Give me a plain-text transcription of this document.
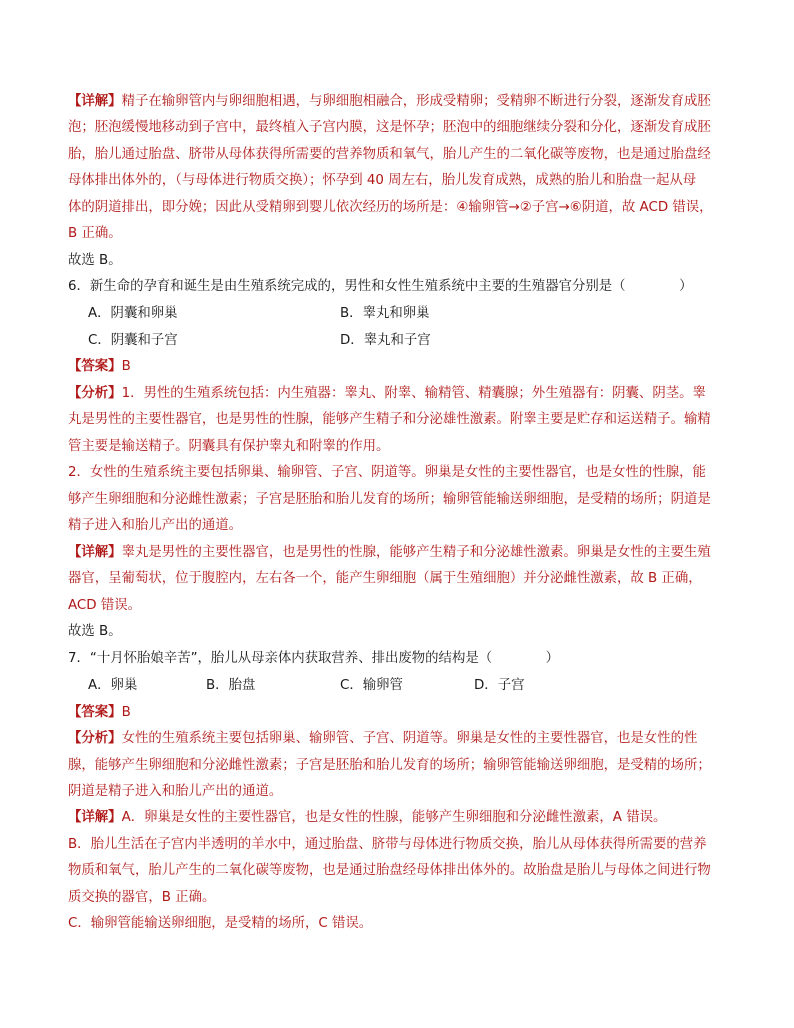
【详解】精子在输卵管内与卵细胞相遇，与卵细胞相融合，形成受精卵；受精卵不断进行分裂，逐渐发育成胚
泡；胚泡缓慢地移动到子宫中，最终植入子宫内膜，这是怀孕；胚泡中的细胞继续分裂和分化，逐渐发育成胚
胎，胎儿通过胎盘、脐带从母体获得所需要的营养物质和氧气，胎儿产生的二氧化碳等废物，也是通过胎盘经
母体排出体外的，（与母体进行物质交换）；怀孕到 40 周左右，胎儿发育成熟，成熟的胎儿和胎盘一起从母
体的阴道排出，即分娩；因此从受精卵到婴儿依次经历的场所是：④输卵管→②子宫→⑥阴道，故 ACD 错误，
B 正确。
故选 B。
6．新生命的孕育和诞生是由生殖系统完成的，男性和女性生殖系统中主要的生殖器官分别是（　　　　）
A．阴囊和卵巢	B．睾丸和卵巢
C．阴囊和子宫	D．睾丸和子宫
【答案】B
【分析】1．男性的生殖系统包括：内生殖器：睾丸、附睾、输精管、精囊腺；外生殖器有：阴囊、阴茎。睾
丸是男性的主要性器官，也是男性的性腺，能够产生精子和分泌雄性激素。附睾主要是贮存和运送精子。输精
管主要是输送精子。阴囊具有保护睾丸和附睾的作用。
2．女性的生殖系统主要包括卵巢、输卵管、子宫、阴道等。卵巢是女性的主要性器官，也是女性的性腺，能
够产生卵细胞和分泌雌性激素；子宫是胚胎和胎儿发育的场所；输卵管能输送卵细胞，是受精的场所；阴道是
精子进入和胎儿产出的通道。
【详解】睾丸是男性的主要性器官，也是男性的性腺，能够产生精子和分泌雄性激素。卵巢是女性的主要生殖
器官，呈葡萄状，位于腹腔内，左右各一个，能产生卵细胞（属于生殖细胞）并分泌雌性激素，故 B 正确，
ACD 错误。
故选 B。
7．“十月怀胎娘辛苦”，胎儿从母亲体内获取营养、排出废物的结构是（　　　　）
A．卵巢	B．胎盘	C．输卵管	D．子宫
【答案】B
【分析】女性的生殖系统主要包括卵巢、输卵管、子宫、阴道等。卵巢是女性的主要性器官，也是女性的性
腺，能够产生卵细胞和分泌雌性激素；子宫是胚胎和胎儿发育的场所；输卵管能输送卵细胞，是受精的场所；
阴道是精子进入和胎儿产出的通道。
【详解】A．卵巢是女性的主要性器官，也是女性的性腺，能够产生卵细胞和分泌雌性激素，A 错误。
B．胎儿生活在子宫内半透明的羊水中，通过胎盘、脐带与母体进行物质交换，胎儿从母体获得所需要的营养
物质和氧气，胎儿产生的二氧化碳等废物，也是通过胎盘经母体排出体外的。故胎盘是胎儿与母体之间进行物
质交换的器官，B 正确。
C．输卵管能输送卵细胞，是受精的场所，C 错误。
